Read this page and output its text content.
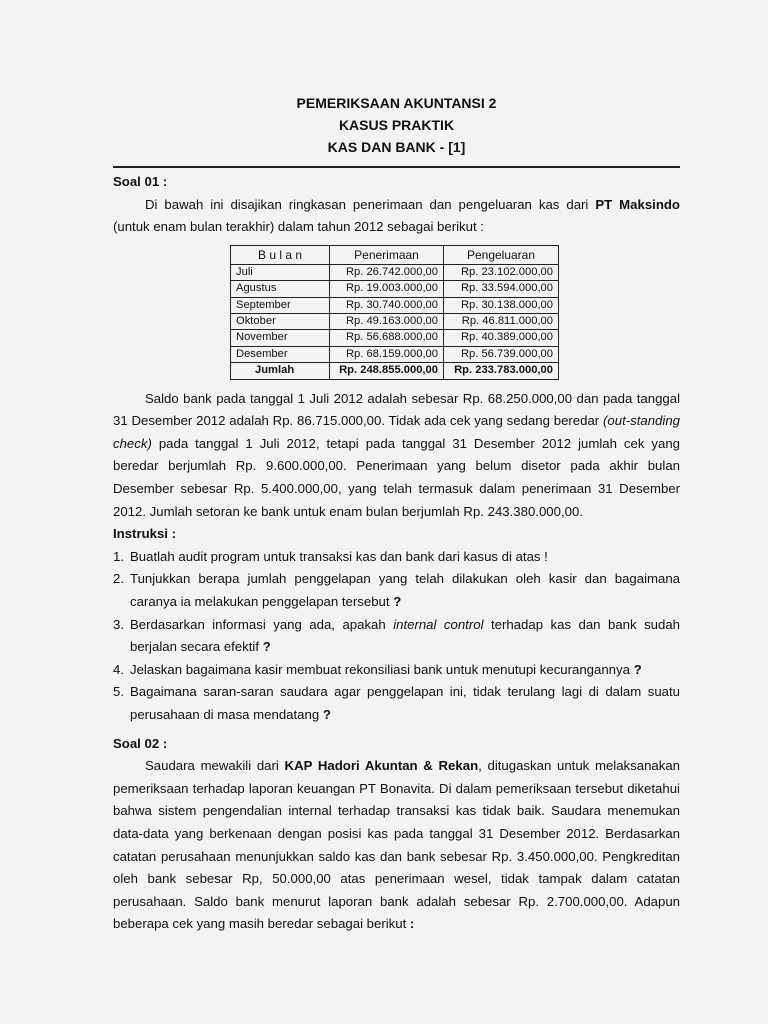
PEMERIKSAAN AKUNTANSI 2
KASUS PRAKTIK
KAS DAN BANK - [1]
Soal 01 :

Di bawah ini disajikan ringkasan penerimaan dan pengeluaran kas dari PT Maksindo (untuk enam bulan terakhir) dalam tahun 2012 sebagai berikut :

B u l a n	Penerimaan	Pengeluaran
Juli	Rp. 26.742.000,00	Rp. 23.102.000,00
Agustus	Rp. 19.003.000,00	Rp. 33.594.000,00
September	Rp. 30.740.000,00	Rp. 30.138.000,00
Oktober	Rp. 49.163.000,00	Rp. 46.811.000,00
November	Rp. 56.688.000,00	Rp. 40.389.000,00
Desember	Rp. 68.159.000,00	Rp. 56.739.000,00
Jumlah	Rp. 248.855.000,00	Rp. 233.783.000,00

Saldo bank pada tanggal 1 Juli 2012 adalah sebesar Rp. 68.250.000,00 dan pada tanggal 31 Desember 2012 adalah Rp. 86.715.000,00. Tidak ada cek yang sedang beredar (out-standing check) pada tanggal 1 Juli 2012, tetapi pada tanggal 31 Desember 2012 jumlah cek yang beredar berjumlah Rp. 9.600.000,00. Penerimaan yang belum disetor pada akhir bulan Desember sebesar Rp. 5.400.000,00, yang telah termasuk dalam penerimaan 31 Desember 2012. Jumlah setoran ke bank untuk enam bulan berjumlah Rp. 243.380.000,00.

Instruksi :
1. Buatlah audit program untuk transaksi kas dan bank dari kasus di atas !
2. Tunjukkan berapa jumlah penggelapan yang telah dilakukan oleh kasir dan bagaimana caranya ia melakukan penggelapan tersebut ?
3. Berdasarkan informasi yang ada, apakah internal control terhadap kas dan bank sudah berjalan secara efektif ?
4. Jelaskan bagaimana kasir membuat rekonsiliasi bank untuk menutupi kecurangannya ?
5. Bagaimana saran-saran saudara agar penggelapan ini, tidak terulang lagi di dalam suatu perusahaan di masa mendatang ?
Soal 02 :

Saudara mewakili dari KAP Hadori Akuntan & Rekan, ditugaskan untuk melaksanakan pemeriksaan terhadap laporan keuangan PT Bonavita. Di dalam pemeriksaan tersebut diketahui bahwa sistem pengendalian internal terhadap transaksi kas tidak baik. Saudara menemukan data-data yang berkenaan dengan posisi kas pada tanggal 31 Desember 2012. Berdasarkan catatan perusahaan menunjukkan saldo kas dan bank sebesar Rp. 3.450.000,00. Pengkreditan oleh bank sebesar Rp, 50.000,00 atas penerimaan wesel, tidak tampak dalam catatan perusahaan. Saldo bank menurut laporan bank adalah sebesar Rp. 2.700.000,00. Adapun beberapa cek yang masih beredar sebagai berikut :
